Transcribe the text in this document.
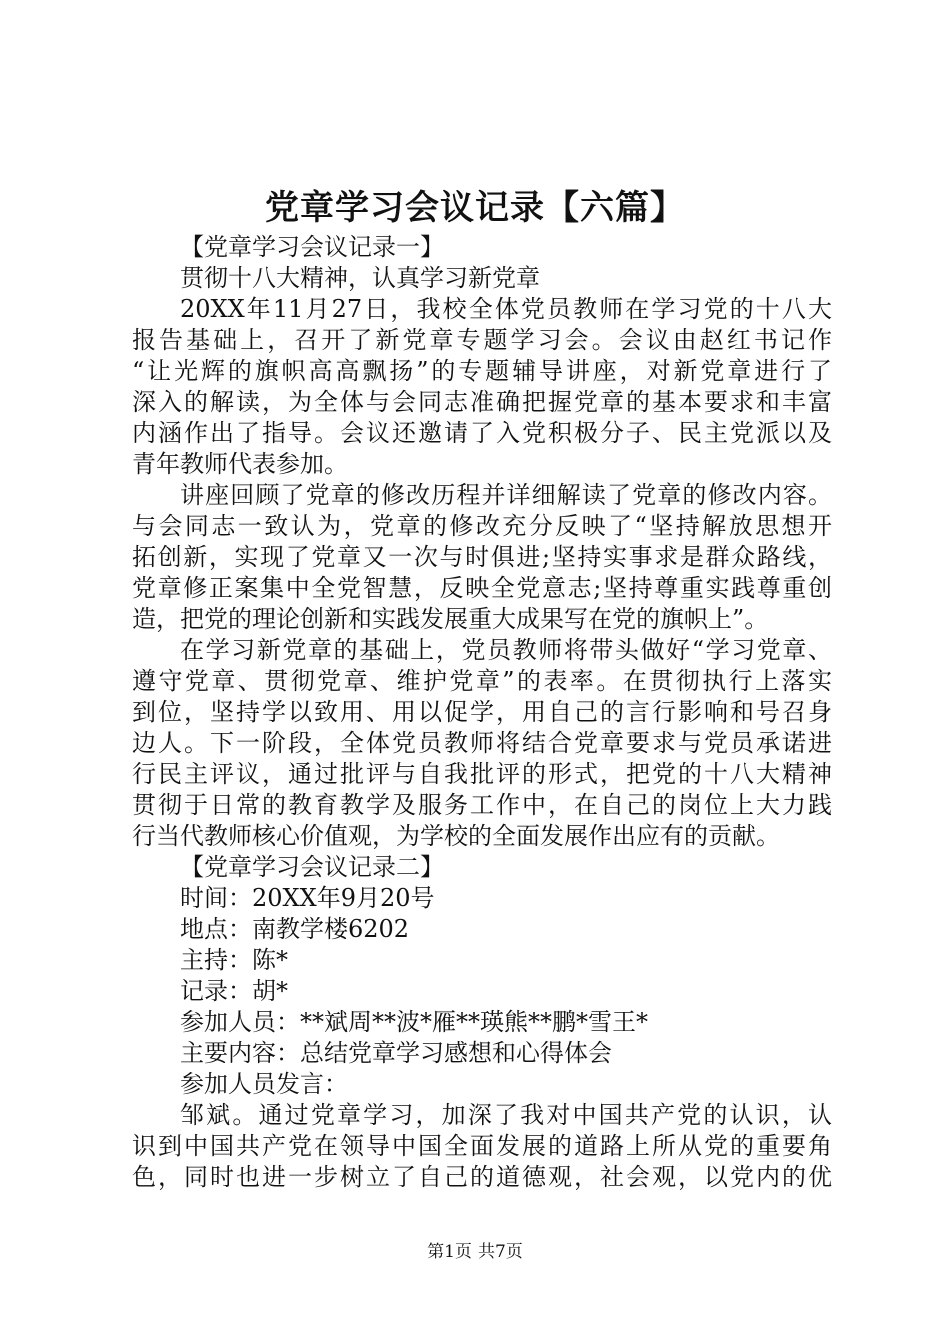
党章学习会议记录【六篇】
【党章学习会议记录一】
贯彻十八大精神，认真学习新党章
20XX年11月27日，我校全体党员教师在学习党的十八大
报告基础上，召开了新党章专题学习会。会议由赵红书记作
“让光辉的旗帜高高飘扬”的专题辅导讲座，对新党章进行了
深入的解读，为全体与会同志准确把握党章的基本要求和丰富
内涵作出了指导。会议还邀请了入党积极分子、民主党派以及
青年教师代表参加。
讲座回顾了党章的修改历程并详细解读了党章的修改内容。
与会同志一致认为，党章的修改充分反映了“坚持解放思想开
拓创新，实现了党章又一次与时俱进;坚持实事求是群众路线，
党章修正案集中全党智慧，反映全党意志;坚持尊重实践尊重创
造，把党的理论创新和实践发展重大成果写在党的旗帜上”。
在学习新党章的基础上，党员教师将带头做好“学习党章、
遵守党章、贯彻党章、维护党章”的表率。在贯彻执行上落实
到位，坚持学以致用、用以促学，用自己的言行影响和号召身
边人。下一阶段，全体党员教师将结合党章要求与党员承诺进
行民主评议，通过批评与自我批评的形式，把党的十八大精神
贯彻于日常的教育教学及服务工作中，在自己的岗位上大力践
行当代教师核心价值观，为学校的全面发展作出应有的贡献。
【党章学习会议记录二】
时间：20XX年9月20号
地点：南教学楼6202
主持：陈*
记录：胡*
参加人员：**斌周**波*雁**瑛熊**鹏*雪王*
主要内容：总结党章学习感想和心得体会
参加人员发言：
邹斌。通过党章学习，加深了我对中国共产党的认识，认
识到中国共产党在领导中国全面发展的道路上所从党的重要角
色，同时也进一步树立了自己的道德观，社会观，以党内的优
第1页 共7页
